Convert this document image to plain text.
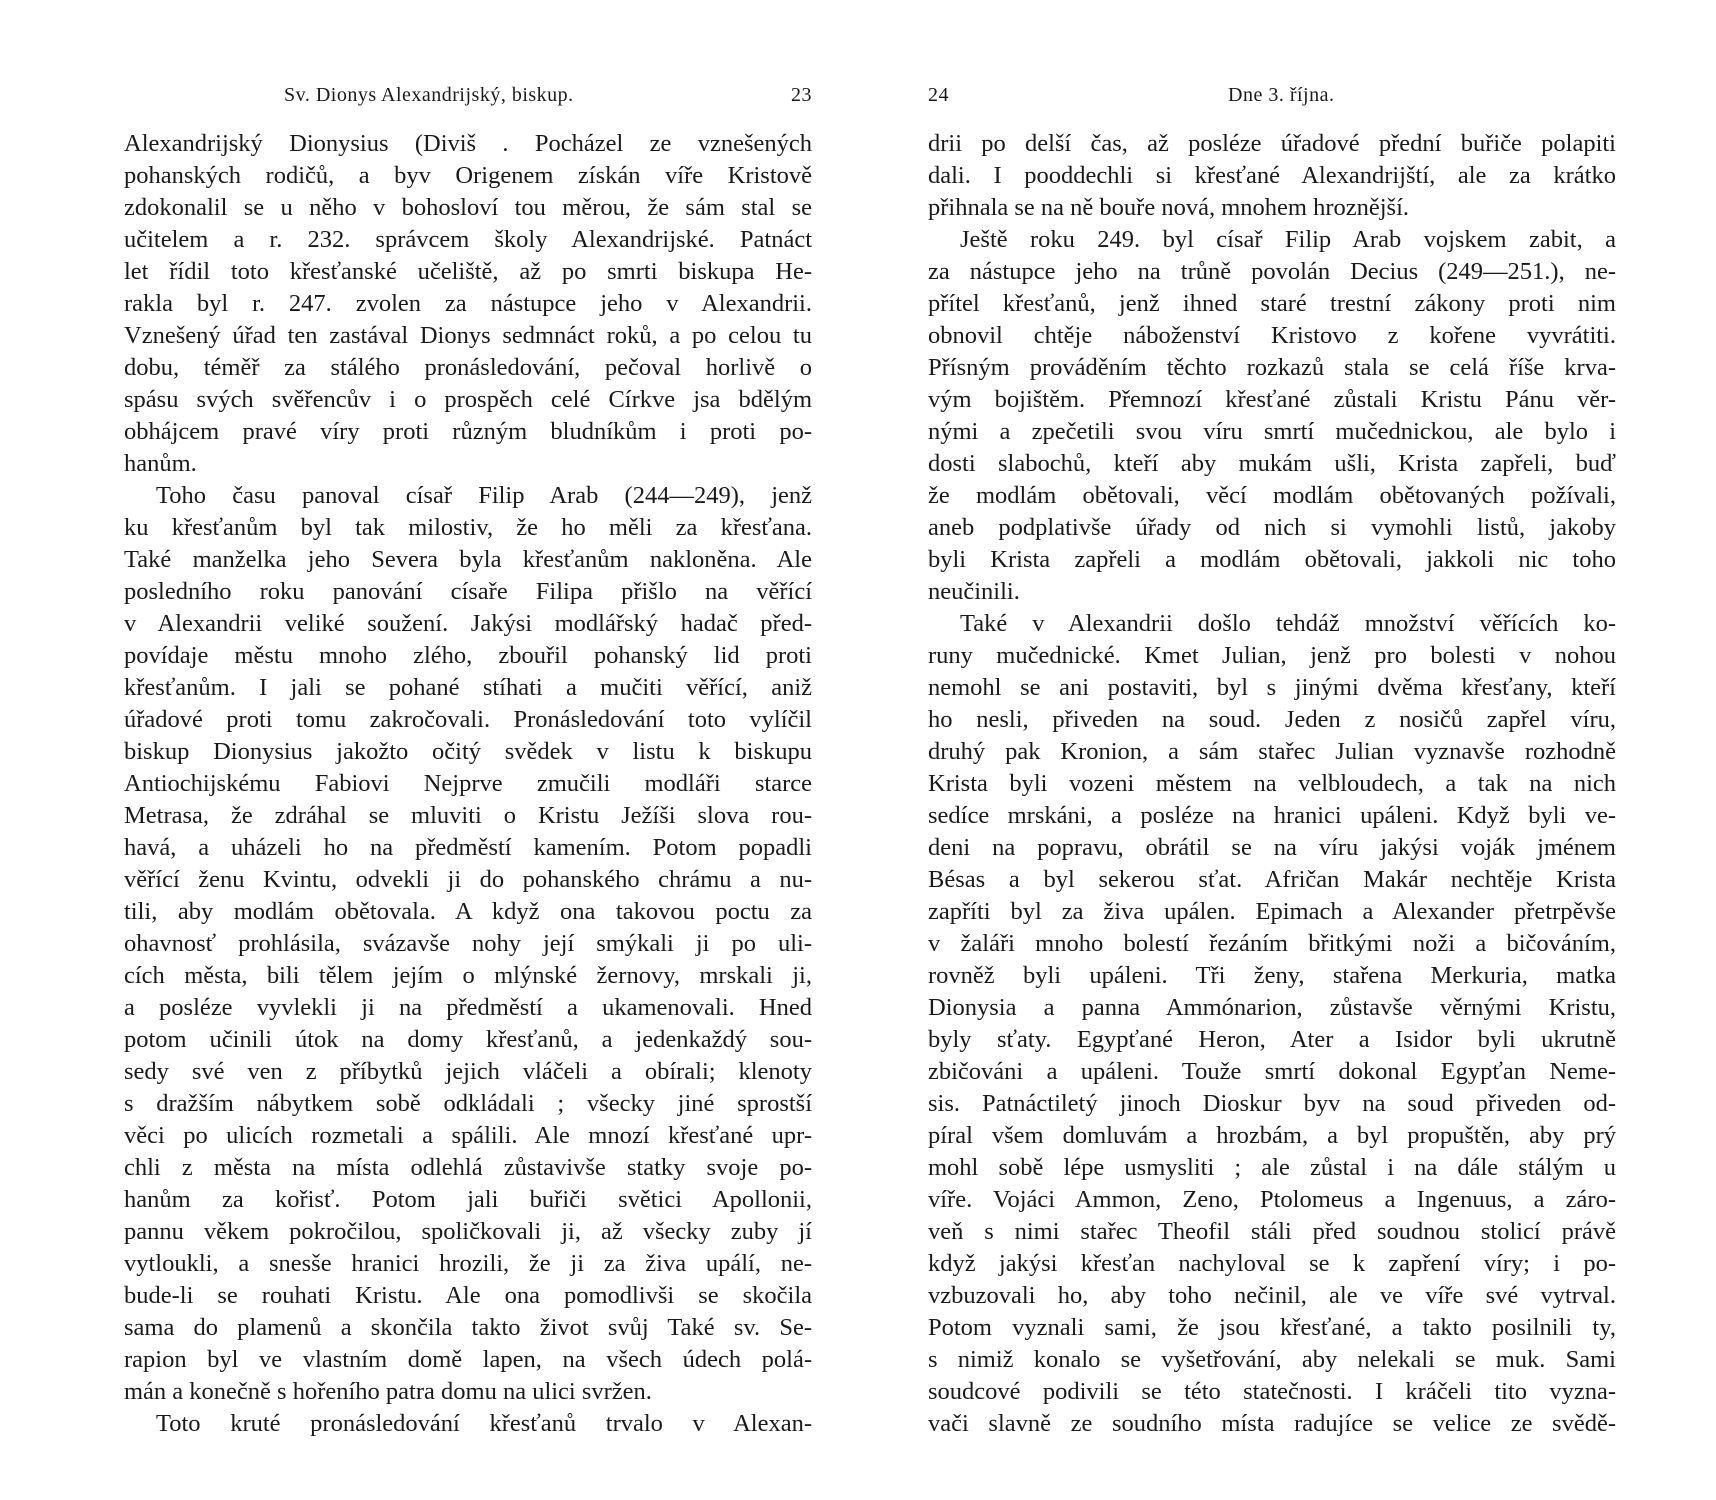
Sv. Dionys Alexandrijský, biskup.	23
Alexandrijský Dionysius (Diviš . Pocházel ze vznešených
pohanských rodičů, a byv Origenem získán víře Kristově
zdokonalil se u něho v bohosloví tou měrou, že sám stal se
učitelem a r. 232. správcem školy Alexandrijské. Patnáct
let řídil toto křesťanské učeliště, až po smrti biskupa He-
rakla byl r. 247. zvolen za nástupce jeho v Alexandrii.
Vznešený úřad ten zastával Dionys sedmnáct roků, a po celou tu
dobu, téměř za stálého pronásledování, pečoval horlivě o
spásu svých svěřencův i o prospěch celé Církve jsa bdělým
obhájcem pravé víry proti různým bludníkům i proti po-
hanům.
Toho času panoval císař Filip Arab (244—249), jenž
ku křesťanům byl tak milostiv, že ho měli za křesťana.
Také manželka jeho Severa byla křesťanům nakloněna. Ale
posledního roku panování císaře Filipa přišlo na věřící
v Alexandrii veliké soužení. Jakýsi modlářský hadač před-
povídaje městu mnoho zlého, zbouřil pohanský lid proti
křesťanům. I jali se pohané stíhati a mučiti věřící, aniž
úřadové proti tomu zakročovali. Pronásledování toto vylíčil
biskup Dionysius jakožto očitý svědek v listu k biskupu
Antiochijskému Fabiovi Nejprve zmučili modláři starce
Metrasa, že zdráhal se mluviti o Kristu Ježíši slova rou-
havá, a uházeli ho na předměstí kamením. Potom popadli
věřící ženu Kvintu, odvekli ji do pohanského chrámu a nu-
tili, aby modlám obětovala. A když ona takovou poctu za
ohavnosť prohlásila, svázavše nohy její smýkali ji po uli-
cích města, bili tělem jejím o mlýnské žernovy, mrskali ji,
a posléze vyvlekli ji na předměstí a ukamenovali. Hned
potom učinili útok na domy křesťanů, a jedenkaždý sou-
sedy své ven z příbytků jejich vláčeli a obírali; klenoty
s dražším nábytkem sobě odkládali ; všecky jiné sprostší
věci po ulicích rozmetali a spálili. Ale mnozí křesťané upr-
chli z města na místa odlehlá zůstavivše statky svoje po-
hanům za kořisť. Potom jali buřiči světici Apollonii,
pannu věkem pokročilou, spoličkovali ji, až všecky zuby jí
vytloukli, a snesše hranici hrozili, že ji za živa upálí, ne-
bude-li se rouhati Kristu. Ale ona pomodlivši se skočila
sama do plamenů a skončila takto život svůj Také sv. Se-
rapion byl ve vlastním domě lapen, na všech údech polá-
mán a konečně s hořeního patra domu na ulici svržen.
Toto kruté pronásledování křesťanů trvalo v Alexan-
24	Dne 3. října.
drii po delší čas, až posléze úřadové přední buřiče polapiti
dali. I pooddechli si křesťané Alexandrijští, ale za krátko
přihnala se na ně bouře nová, mnohem hroznější.
Ještě roku 249. byl císař Filip Arab vojskem zabit, a
za nástupce jeho na trůně povolán Decius (249—251.), ne-
přítel křesťanů, jenž ihned staré trestní zákony proti nim
obnovil chtěje náboženství Kristovo z kořene vyvrátiti.
Přísným prováděním těchto rozkazů stala se celá říše krva-
vým bojištěm. Přemnozí křesťané zůstali Kristu Pánu věr-
nými a zpečetili svou víru smrtí mučednickou, ale bylo i
dosti slabochů, kteří aby mukám ušli, Krista zapřeli, buď
že modlám obětovali, věcí modlám obětovaných požívali,
aneb podplativše úřady od nich si vymohli listů, jakoby
byli Krista zapřeli a modlám obětovali, jakkoli nic toho
neučinili.
Také v Alexandrii došlo tehdáž množství věřících ko-
runy mučednické. Kmet Julian, jenž pro bolesti v nohou
nemohl se ani postaviti, byl s jinými dvěma křesťany, kteří
ho nesli, přiveden na soud. Jeden z nosičů zapřel víru,
druhý pak Kronion, a sám stařec Julian vyznavše rozhodně
Krista byli vozeni městem na velbloudech, a tak na nich
sedíce mrskáni, a posléze na hranici upáleni. Když byli ve-
deni na popravu, obrátil se na víru jakýsi voják jménem
Bésas a byl sekerou sťat. Afričan Makár nechtěje Krista
zapříti byl za živa upálen. Epimach a Alexander přetrpěvše
v žaláři mnoho bolestí řezáním břitkými noži a bičováním,
rovněž byli upáleni. Tři ženy, stařena Merkuria, matka
Dionysia a panna Ammónarion, zůstavše věrnými Kristu,
byly sťaty. Egypťané Heron, Ater a Isidor byli ukrutně
zbičováni a upáleni. Touže smrtí dokonal Egypťan Neme-
sis. Patnáctiletý jinoch Dioskur byv na soud přiveden od-
píral všem domluvám a hrozbám, a byl propuštěn, aby prý
mohl sobě lépe usmysliti ; ale zůstal i na dále stálým u
víře. Vojáci Ammon, Zeno, Ptolomeus a Ingenuus, a záro-
veň s nimi stařec Theofil stáli před soudnou stolicí právě
když jakýsi křesťan nachyloval se k zapření víry; i po-
vzbuzovali ho, aby toho nečinil, ale ve víře své vytrval.
Potom vyznali sami, že jsou křesťané, a takto posilnili ty,
s nimiž konalo se vyšetřování, aby nelekali se muk. Sami
soudcové podivili se této statečnosti. I kráčeli tito vyzna-
vači slavně ze soudního místa radujíce se velice ze svědě-
